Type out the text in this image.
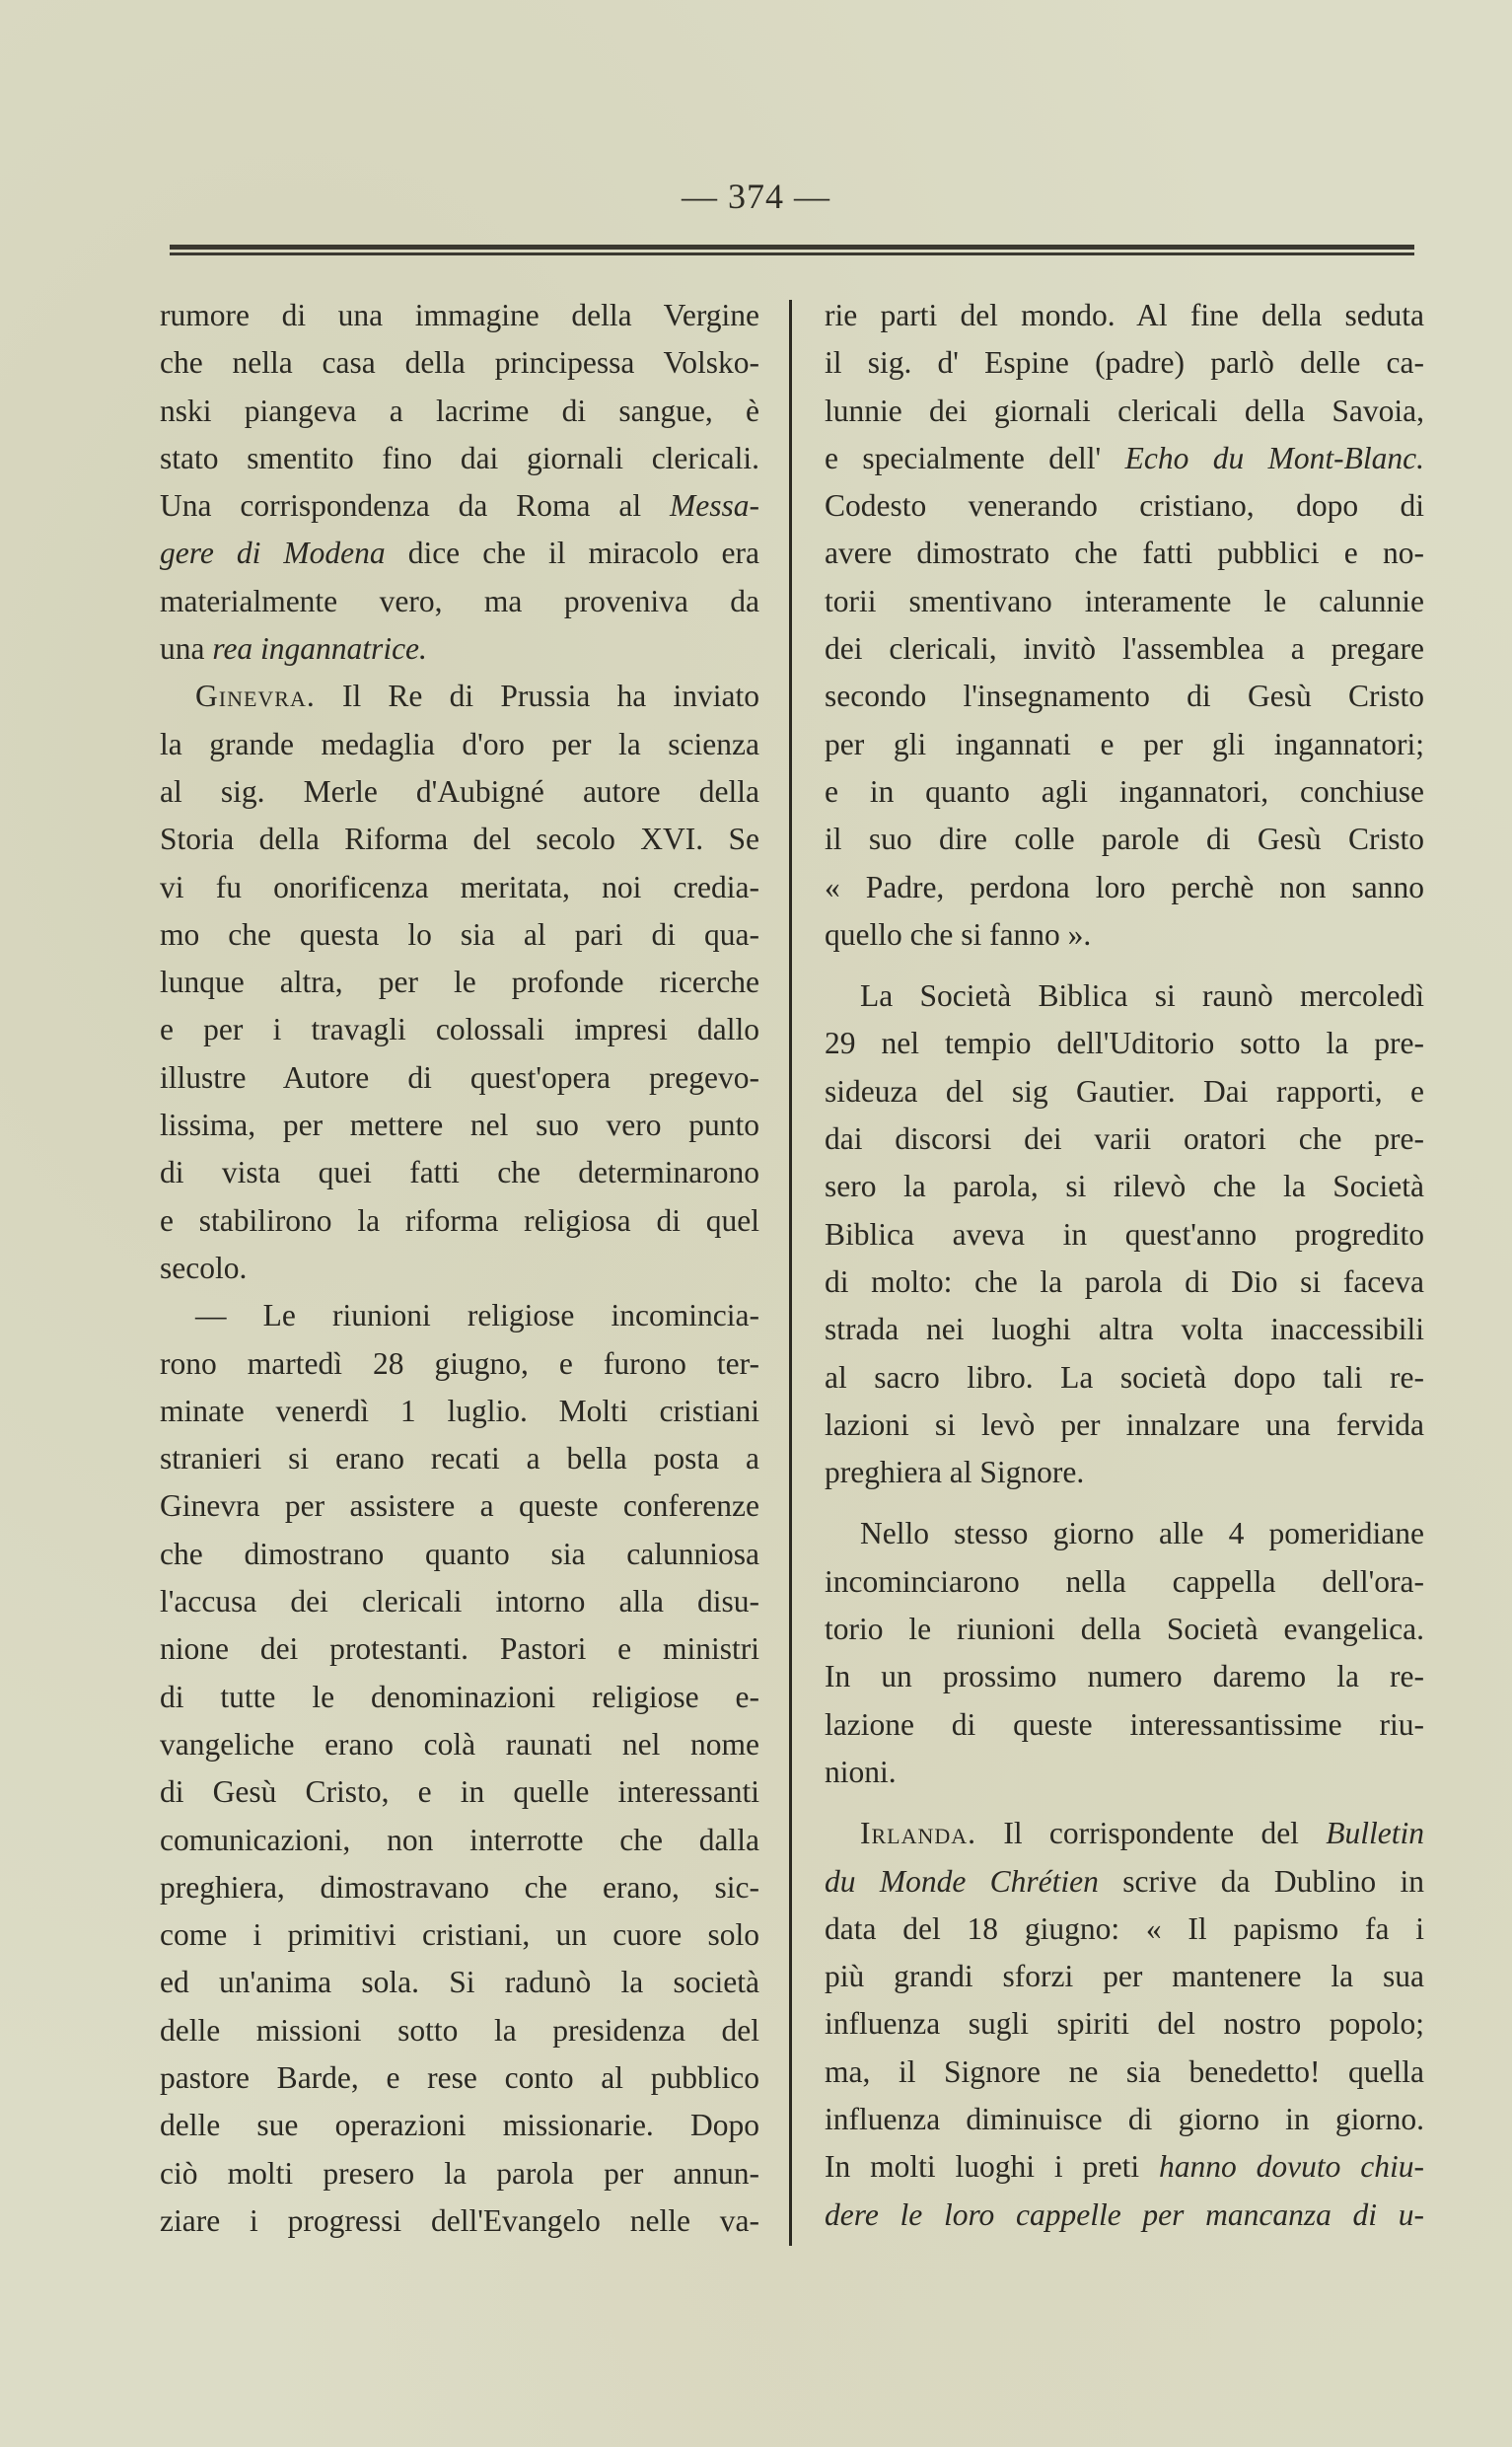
— 374 —
rumore di una immagine della Vergine
che nella casa della principessa Volsko-
nski piangeva a lacrime di sangue, è
stato smentito fino dai giornali clericali.
Una corrispondenza da Roma al Messa-
gere di Modena dice che il miracolo era
materialmente vero, ma proveniva da
una rea ingannatrice.
Ginevra. Il Re di Prussia ha inviato
la grande medaglia d'oro per la scienza
al sig. Merle d'Aubigné autore della
Storia della Riforma del secolo XVI. Se
vi fu onorificenza meritata, noi credia-
mo che questa lo sia al pari di qua-
lunque altra, per le profonde ricerche
e per i travagli colossali impresi dallo
illustre Autore di quest'opera pregevo-
lissima, per mettere nel suo vero punto
di vista quei fatti che determinarono
e stabilirono la riforma religiosa di quel
secolo.
— Le riunioni religiose incomincia-
rono martedì 28 giugno, e furono ter-
minate venerdì 1 luglio. Molti cristiani
stranieri si erano recati a bella posta a
Ginevra per assistere a queste conferenze
che dimostrano quanto sia calunniosa
l'accusa dei clericali intorno alla disu-
nione dei protestanti. Pastori e ministri
di tutte le denominazioni religiose e-
vangeliche erano colà raunati nel nome
di Gesù Cristo, e in quelle interessanti
comunicazioni, non interrotte che dalla
preghiera, dimostravano che erano, sic-
come i primitivi cristiani, un cuore solo
ed un'anima sola. Si radunò la società
delle missioni sotto la presidenza del
pastore Barde, e rese conto al pubblico
delle sue operazioni missionarie. Dopo
ciò molti presero la parola per annun-
ziare i progressi dell'Evangelo nelle va-
rie parti del mondo. Al fine della seduta
il sig. d' Espine (padre) parlò delle ca-
lunnie dei giornali clericali della Savoia,
e specialmente dell' Echo du Mont-Blanc.
Codesto venerando cristiano, dopo di
avere dimostrato che fatti pubblici e no-
torii smentivano interamente le calunnie
dei clericali, invitò l'assemblea a pregare
secondo l'insegnamento di Gesù Cristo
per gli ingannati e per gli ingannatori;
e in quanto agli ingannatori, conchiuse
il suo dire colle parole di Gesù Cristo
« Padre, perdona loro perchè non sanno
quello che si fanno ».
La Società Biblica si raunò mercoledì
29 nel tempio dell'Uditorio sotto la pre-
sideuza del sig Gautier. Dai rapporti, e
dai discorsi dei varii oratori che pre-
sero la parola, si rilevò che la Società
Biblica aveva in quest'anno progredito
di molto: che la parola di Dio si faceva
strada nei luoghi altra volta inaccessibili
al sacro libro. La società dopo tali re-
lazioni si levò per innalzare una fervida
preghiera al Signore.
Nello stesso giorno alle 4 pomeridiane
incominciarono nella cappella dell'ora-
torio le riunioni della Società evangelica.
In un prossimo numero daremo la re-
lazione di queste interessantissime riu-
nioni.
Irlanda. Il corrispondente del Bulletin
du Monde Chrétien scrive da Dublino in
data del 18 giugno: « Il papismo fa i
più grandi sforzi per mantenere la sua
influenza sugli spiriti del nostro popolo;
ma, il Signore ne sia benedetto! quella
influenza diminuisce di giorno in giorno.
In molti luoghi i preti hanno dovuto chiu-
dere le loro cappelle per mancanza di u-
